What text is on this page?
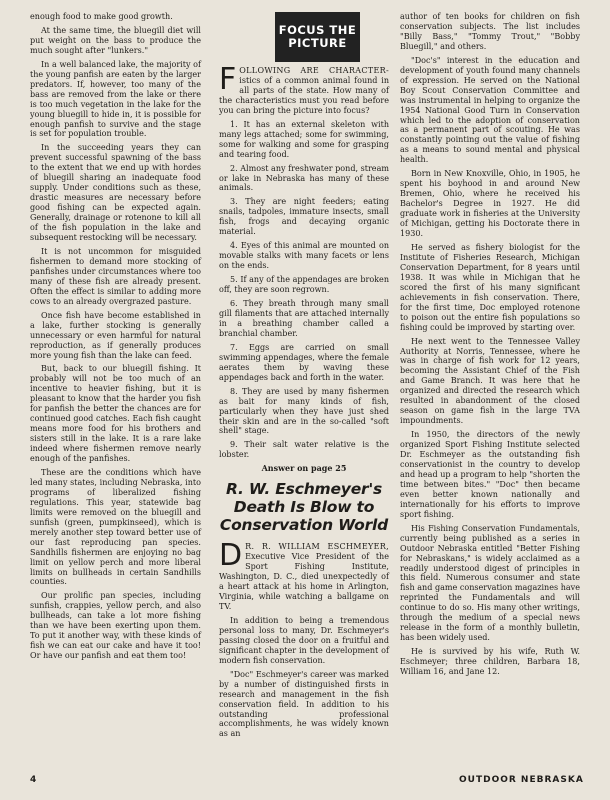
enough food to make good growth.

At the same time, the bluegill diet will put weight on the bass to produce the much sought after "lunkers."

In a well balanced lake, the majority of the young panfish are eaten by the larger predators. If, however, too many of the bass are removed from the lake or there is too much vegetation in the lake for the young bluegill to hide in, it is possible for enough panfish to survive and the stage is set for population trouble.

In the succeeding years they can prevent successful spawning of the bass to the extent that we end up with hordes of bluegill sharing an inadequate food supply. Under conditions such as these, drastic measures are necessary before good fishing can be expected again. Generally, drainage or rotenone to kill all of the fish population in the lake and subsequent restocking will be necessary.

It is not uncommon for misguided fishermen to demand more stocking of panfishes under circumstances where too many of these fish are already present. Often the effect is similar to adding more cows to an already overgrazed pasture.

Once fish have become established in a lake, further stocking is generally unnecessary or even harmful for natural reproduction, as if generally produces more young fish than the lake can feed.

But, back to our bluegill fishing. It probably will not be too much of an incentive to heavier fishing, but it is pleasant to know that the harder you fish for panfish the better the chances are for continued good catches. Each fish caught means more food for his brothers and sisters still in the lake. It is a rare lake indeed where fishermen remove nearly enough of the panfishes.

These are the conditions which have led many states, including Nebraska, into programs of liberalized fishing regulations. This year, statewide bag limits were removed on the bluegill and sunfish (green, pumpkinseed), which is merely another step toward better use of our fast reproducing pan species. Sandhills fishermen are enjoying no bag limit on yellow perch and more liberal limits on bullheads in certain Sandhills counties.

Our prolific pan species, including sunfish, crappies, yellow perch, and also bullheads, can take a lot more fishing than we have been exerting upon them. To put it another way, with these kinds of fish we can eat our cake and have it too! Or have our panfish and eat them too!

FOCUS THE
PICTURE

FOLLOWING ARE CHARACTER- istics of a common animal found in all parts of the state. How many of the characteristics must you read before you can bring the picture into focus?

1. It has an external skeleton with many legs attached; some for swimming, some for walking and some for grasping and tearing food.

2. Almost any freshwater pond, stream or lake in Nebraska has many of these animals.

3. They are night feeders; eating snails, tadpoles, immature insects, small fish, frogs and decaying organic material.

4. Eyes of this animal are mounted on movable stalks with many facets or lens on the ends.

5. If any of the appendages are broken off, they are soon regrown.

6. They breath through many small gill filaments that are attached internally in a breathing chamber called a branchial chamber.

7. Eggs are carried on small swimming appendages, where the female aerates them by waving these appendages back and forth in the water.

8. They are used by many fishermen as bait for many kinds of fish, particularly when they have just shed their skin and are in the so-called "soft shell" stage.

9. Their salt water relative is the lobster.

Answer on page 25
R. W. Eschmeyer's Death Is Blow to Conservation World

D R. R. WILLIAM ESCHMEYER, Executive Vice President of the Sport Fishing Institute, Washington, D. C., died unexpectedly of a heart attack at his home in Arlington, Virginia, while watching a ballgame on TV.

In addition to being a tremendous personal loss to many, Dr. Eschmeyer's passing closed the door on a fruitful and significant chapter in the development of modern fish conservation.

"Doc" Eschmeyer's career was marked by a number of distinguished firsts in research and management in the fish conservation field. In addition to his outstanding professional accomplishments, he was widely known as an

author of ten books for children on fish conservation subjects. The list includes "Billy Bass," "Tommy Trout," "Bobby Bluegill," and others.

"Doc's" interest in the education and development of youth found many channels of expression. He served on the National Boy Scout Conservation Committee and was instrumental in helping to organize the 1954 National Good Turn in Conservation which led to the adoption of conservation as a permanent part of scouting. He was constantly pointing out the value of fishing as a means to sound mental and physical health.

Born in New Knoxville, Ohio, in 1905, he spent his boyhood in and around New Bremen, Ohio, where he received his Bachelor's Degree in 1927. He did graduate work in fisheries at the University of Michigan, getting his Doctorate there in 1930.

He served as fishery biologist for the Institute of Fisheries Research, Michigan Conservation Department, for 8 years until 1938. It was while in Michigan that he scored the first of his many significant achievements in fish conservation. There, for the first time, Doc employed rotenone to poison out the entire fish populations so fishing could be improved by starting over.

He next went to the Tennessee Valley Authority at Norris, Tennessee, where he was in charge of fish work for 12 years, becoming the Assistant Chief of the Fish and Game Branch. It was here that he organized and directed the research which resulted in abandonment of the closed season on game fish in the large TVA impoundments.

In 1950, the directors of the newly organized Sport Fishing Institute selected Dr. Eschmeyer as the outstanding fish conservationist in the country to develop and head up a program to help "shorten the time between bites." "Doc" then became even better known nationally and internationally for his efforts to improve sport fishing.

His Fishing Conservation Fundamentals, currently being published as a series in Outdoor Nebraska entitled "Better Fishing for Nebraskans," is widely acclaimed as a readily understood digest of principles in this field. Numerous consumer and state fish and game conservation magazines have reprinted the Fundamentals and will continue to do so. His many other writings, through the medium of a special news release in the form of a monthly bulletin, has been widely used.

He is survived by his wife, Ruth W. Eschmeyer; three children, Barbara 18, William 16, and Jane 12.

4	OUTDOOR NEBRASKA
